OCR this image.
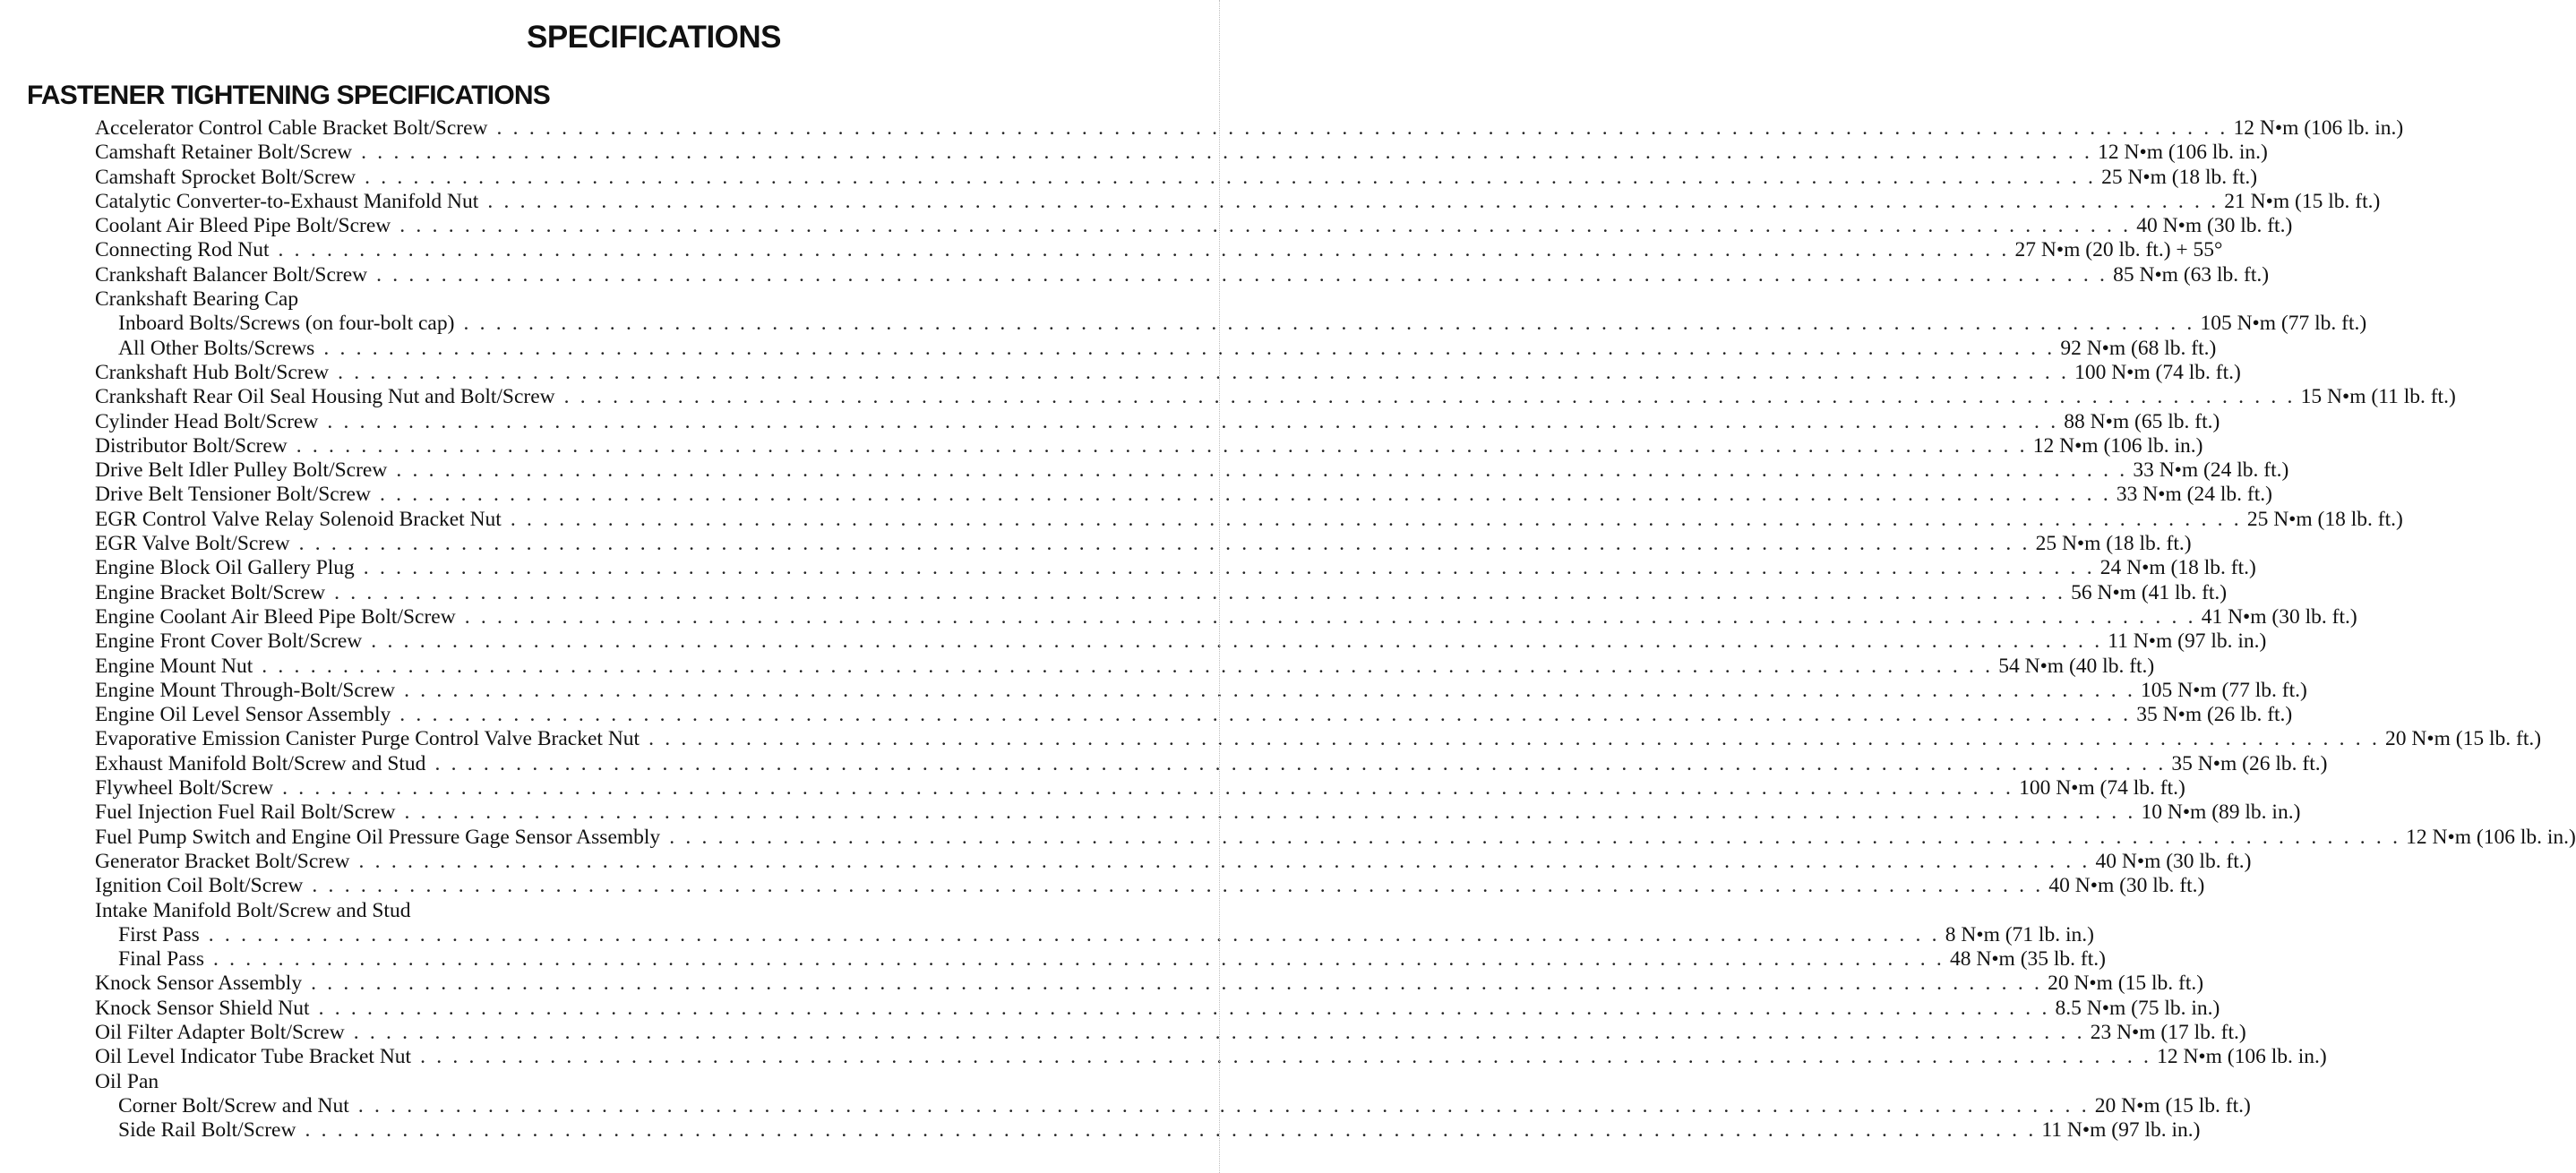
SPECIFICATIONS
FASTENER TIGHTENING SPECIFICATIONS
Accelerator Control Cable Bracket Bolt/Screw . . . . . . . . . . . . . . . . . . . . . . . . . . . . . . . . . . . . . . . . . . . . . . . . . . . . . . . . . . . . . . . . . . . . . . . . . . . . . . . . . . . . . . . . . . . . . . . . . . . . . . . . . . . 12 N•m (106 lb. in.)
Camshaft Retainer Bolt/Screw . . . . . . . . . . . . . . . . . . . . . . . . . . . . . . . . . . . . . . . . . . . . . . . . . . . . . . . . . . . . . . . . . . . . . . . . . . . . . . . . . . . . . . . . . . . . . . . . . . . . . . . . . . . 12 N•m (106 lb. in.)
Camshaft Sprocket Bolt/Screw . . . . . . . . . . . . . . . . . . . . . . . . . . . . . . . . . . . . . . . . . . . . . . . . . . . . . . . . . . . . . . . . . . . . . . . . . . . . . . . . . . . . . . . . . . . . . . . . . . . . . . . . . . . 25 N•m (18 lb. ft.)
Catalytic Converter-to-Exhaust Manifold Nut . . . . . . . . . . . . . . . . . . . . . . . . . . . . . . . . . . . . . . . . . . . . . . . . . . . . . . . . . . . . . . . . . . . . . . . . . . . . . . . . . . . . . . . . . . . . . . . . . . . . . . . . . . . 21 N•m (15 lb. ft.)
Coolant Air Bleed Pipe Bolt/Screw . . . . . . . . . . . . . . . . . . . . . . . . . . . . . . . . . . . . . . . . . . . . . . . . . . . . . . . . . . . . . . . . . . . . . . . . . . . . . . . . . . . . . . . . . . . . . . . . . . . . . . . . . . . 40 N•m (30 lb. ft.)
Connecting Rod Nut . . . . . . . . . . . . . . . . . . . . . . . . . . . . . . . . . . . . . . . . . . . . . . . . . . . . . . . . . . . . . . . . . . . . . . . . . . . . . . . . . . . . . . . . . . . . . . . . . . . . . . . . . . . 27 N•m (20 lb. ft.) + 55°
Crankshaft Balancer Bolt/Screw . . . . . . . . . . . . . . . . . . . . . . . . . . . . . . . . . . . . . . . . . . . . . . . . . . . . . . . . . . . . . . . . . . . . . . . . . . . . . . . . . . . . . . . . . . . . . . . . . . . . . . . . . . . 85 N•m (63 lb. ft.)
Crankshaft Bearing Cap
Inboard Bolts/Screws (on four-bolt cap) . . . . . . . . . . . . . . . . . . . . . . . . . . . . . . . . . . . . . . . . . . . . . . . . . . . . . . . . . . . . . . . . . . . . . . . . . . . . . . . . . . . . . . . . . . . . . . . . . . . . . . . . . . . 105 N•m (77 lb. ft.)
All Other Bolts/Screws . . . . . . . . . . . . . . . . . . . . . . . . . . . . . . . . . . . . . . . . . . . . . . . . . . . . . . . . . . . . . . . . . . . . . . . . . . . . . . . . . . . . . . . . . . . . . . . . . . . . . . . . . . . 92 N•m (68 lb. ft.)
Crankshaft Hub Bolt/Screw . . . . . . . . . . . . . . . . . . . . . . . . . . . . . . . . . . . . . . . . . . . . . . . . . . . . . . . . . . . . . . . . . . . . . . . . . . . . . . . . . . . . . . . . . . . . . . . . . . . . . . . . . . . 100 N•m (74 lb. ft.)
Crankshaft Rear Oil Seal Housing Nut and Bolt/Screw . . . . . . . . . . . . . . . . . . . . . . . . . . . . . . . . . . . . . . . . . . . . . . . . . . . . . . . . . . . . . . . . . . . . . . . . . . . . . . . . . . . . . . . . . . . . . . . . . . . . . . . . . . . 15 N•m (11 lb. ft.)
Cylinder Head Bolt/Screw . . . . . . . . . . . . . . . . . . . . . . . . . . . . . . . . . . . . . . . . . . . . . . . . . . . . . . . . . . . . . . . . . . . . . . . . . . . . . . . . . . . . . . . . . . . . . . . . . . . . . . . . . . . 88 N•m (65 lb. ft.)
Distributor Bolt/Screw . . . . . . . . . . . . . . . . . . . . . . . . . . . . . . . . . . . . . . . . . . . . . . . . . . . . . . . . . . . . . . . . . . . . . . . . . . . . . . . . . . . . . . . . . . . . . . . . . . . . . . . . . . . 12 N•m (106 lb. in.)
Drive Belt Idler Pulley Bolt/Screw . . . . . . . . . . . . . . . . . . . . . . . . . . . . . . . . . . . . . . . . . . . . . . . . . . . . . . . . . . . . . . . . . . . . . . . . . . . . . . . . . . . . . . . . . . . . . . . . . . . . . . . . . . . 33 N•m (24 lb. ft.)
Drive Belt Tensioner Bolt/Screw . . . . . . . . . . . . . . . . . . . . . . . . . . . . . . . . . . . . . . . . . . . . . . . . . . . . . . . . . . . . . . . . . . . . . . . . . . . . . . . . . . . . . . . . . . . . . . . . . . . . . . . . . . . 33 N•m (24 lb. ft.)
EGR Control Valve Relay Solenoid Bracket Nut . . . . . . . . . . . . . . . . . . . . . . . . . . . . . . . . . . . . . . . . . . . . . . . . . . . . . . . . . . . . . . . . . . . . . . . . . . . . . . . . . . . . . . . . . . . . . . . . . . . . . . . . . . . 25 N•m (18 lb. ft.)
EGR Valve Bolt/Screw . . . . . . . . . . . . . . . . . . . . . . . . . . . . . . . . . . . . . . . . . . . . . . . . . . . . . . . . . . . . . . . . . . . . . . . . . . . . . . . . . . . . . . . . . . . . . . . . . . . . . . . . . . . 25 N•m (18 lb. ft.)
Engine Block Oil Gallery Plug . . . . . . . . . . . . . . . . . . . . . . . . . . . . . . . . . . . . . . . . . . . . . . . . . . . . . . . . . . . . . . . . . . . . . . . . . . . . . . . . . . . . . . . . . . . . . . . . . . . . . . . . . . . 24 N•m (18 lb. ft.)
Engine Bracket Bolt/Screw . . . . . . . . . . . . . . . . . . . . . . . . . . . . . . . . . . . . . . . . . . . . . . . . . . . . . . . . . . . . . . . . . . . . . . . . . . . . . . . . . . . . . . . . . . . . . . . . . . . . . . . . . . . 56 N•m (41 lb. ft.)
Engine Coolant Air Bleed Pipe Bolt/Screw . . . . . . . . . . . . . . . . . . . . . . . . . . . . . . . . . . . . . . . . . . . . . . . . . . . . . . . . . . . . . . . . . . . . . . . . . . . . . . . . . . . . . . . . . . . . . . . . . . . . . . . . . . . 41 N•m (30 lb. ft.)
Engine Front Cover Bolt/Screw . . . . . . . . . . . . . . . . . . . . . . . . . . . . . . . . . . . . . . . . . . . . . . . . . . . . . . . . . . . . . . . . . . . . . . . . . . . . . . . . . . . . . . . . . . . . . . . . . . . . . . . . . . . 11 N•m (97 lb. in.)
Engine Mount Nut . . . . . . . . . . . . . . . . . . . . . . . . . . . . . . . . . . . . . . . . . . . . . . . . . . . . . . . . . . . . . . . . . . . . . . . . . . . . . . . . . . . . . . . . . . . . . . . . . . . . . . . . . . . 54 N•m (40 lb. ft.)
Engine Mount Through-Bolt/Screw . . . . . . . . . . . . . . . . . . . . . . . . . . . . . . . . . . . . . . . . . . . . . . . . . . . . . . . . . . . . . . . . . . . . . . . . . . . . . . . . . . . . . . . . . . . . . . . . . . . . . . . . . . . 105 N•m (77 lb. ft.)
Engine Oil Level Sensor Assembly . . . . . . . . . . . . . . . . . . . . . . . . . . . . . . . . . . . . . . . . . . . . . . . . . . . . . . . . . . . . . . . . . . . . . . . . . . . . . . . . . . . . . . . . . . . . . . . . . . . . . . . . . . . 35 N•m (26 lb. ft.)
Evaporative Emission Canister Purge Control Valve Bracket Nut . . . . . . . . . . . . . . . . . . . . . . . . . . . . . . . . . . . . . . . . . . . . . . . . . . . . . . . . . . . . . . . . . . . . . . . . . . . . . . . . . . . . . . . . . . . . . . . . . . . . . . . . . . . 20 N•m (15 lb. ft.)
Exhaust Manifold Bolt/Screw and Stud . . . . . . . . . . . . . . . . . . . . . . . . . . . . . . . . . . . . . . . . . . . . . . . . . . . . . . . . . . . . . . . . . . . . . . . . . . . . . . . . . . . . . . . . . . . . . . . . . . . . . . . . . . . 35 N•m (26 lb. ft.)
Flywheel Bolt/Screw . . . . . . . . . . . . . . . . . . . . . . . . . . . . . . . . . . . . . . . . . . . . . . . . . . . . . . . . . . . . . . . . . . . . . . . . . . . . . . . . . . . . . . . . . . . . . . . . . . . . . . . . . . . 100 N•m (74 lb. ft.)
Fuel Injection Fuel Rail Bolt/Screw . . . . . . . . . . . . . . . . . . . . . . . . . . . . . . . . . . . . . . . . . . . . . . . . . . . . . . . . . . . . . . . . . . . . . . . . . . . . . . . . . . . . . . . . . . . . . . . . . . . . . . . . . . . 10 N•m (89 lb. in.)
Fuel Pump Switch and Engine Oil Pressure Gage Sensor Assembly . . . . . . . . . . . . . . . . . . . . . . . . . . . . . . . . . . . . . . . . . . . . . . . . . . . . . . . . . . . . . . . . . . . . . . . . . . . . . . . . . . . . . . . . . . . . . . . . . . . . . . . . . . . 12 N•m (106 lb. in.)
Generator Bracket Bolt/Screw . . . . . . . . . . . . . . . . . . . . . . . . . . . . . . . . . . . . . . . . . . . . . . . . . . . . . . . . . . . . . . . . . . . . . . . . . . . . . . . . . . . . . . . . . . . . . . . . . . . . . . . . . . . 40 N•m (30 lb. ft.)
Ignition Coil Bolt/Screw . . . . . . . . . . . . . . . . . . . . . . . . . . . . . . . . . . . . . . . . . . . . . . . . . . . . . . . . . . . . . . . . . . . . . . . . . . . . . . . . . . . . . . . . . . . . . . . . . . . . . . . . . . . 40 N•m (30 lb. ft.)
Intake Manifold Bolt/Screw and Stud
First Pass . . . . . . . . . . . . . . . . . . . . . . . . . . . . . . . . . . . . . . . . . . . . . . . . . . . . . . . . . . . . . . . . . . . . . . . . . . . . . . . . . . . . . . . . . . . . . . . . . . . . . . . . . . . 8 N•m (71 lb. in.)
Final Pass . . . . . . . . . . . . . . . . . . . . . . . . . . . . . . . . . . . . . . . . . . . . . . . . . . . . . . . . . . . . . . . . . . . . . . . . . . . . . . . . . . . . . . . . . . . . . . . . . . . . . . . . . . . 48 N•m (35 lb. ft.)
Knock Sensor Assembly . . . . . . . . . . . . . . . . . . . . . . . . . . . . . . . . . . . . . . . . . . . . . . . . . . . . . . . . . . . . . . . . . . . . . . . . . . . . . . . . . . . . . . . . . . . . . . . . . . . . . . . . . . . 20 N•m (15 lb. ft.)
Knock Sensor Shield Nut . . . . . . . . . . . . . . . . . . . . . . . . . . . . . . . . . . . . . . . . . . . . . . . . . . . . . . . . . . . . . . . . . . . . . . . . . . . . . . . . . . . . . . . . . . . . . . . . . . . . . . . . . . . 8.5 N•m (75 lb. in.)
Oil Filter Adapter Bolt/Screw . . . . . . . . . . . . . . . . . . . . . . . . . . . . . . . . . . . . . . . . . . . . . . . . . . . . . . . . . . . . . . . . . . . . . . . . . . . . . . . . . . . . . . . . . . . . . . . . . . . . . . . . . . . 23 N•m (17 lb. ft.)
Oil Level Indicator Tube Bracket Nut . . . . . . . . . . . . . . . . . . . . . . . . . . . . . . . . . . . . . . . . . . . . . . . . . . . . . . . . . . . . . . . . . . . . . . . . . . . . . . . . . . . . . . . . . . . . . . . . . . . . . . . . . . . 12 N•m (106 lb. in.)
Oil Pan
Corner Bolt/Screw and Nut . . . . . . . . . . . . . . . . . . . . . . . . . . . . . . . . . . . . . . . . . . . . . . . . . . . . . . . . . . . . . . . . . . . . . . . . . . . . . . . . . . . . . . . . . . . . . . . . . . . . . . . . . . . 20 N•m (15 lb. ft.)
Side Rail Bolt/Screw . . . . . . . . . . . . . . . . . . . . . . . . . . . . . . . . . . . . . . . . . . . . . . . . . . . . . . . . . . . . . . . . . . . . . . . . . . . . . . . . . . . . . . . . . . . . . . . . . . . . . . . . . . . 11 N•m (97 lb. in.)
